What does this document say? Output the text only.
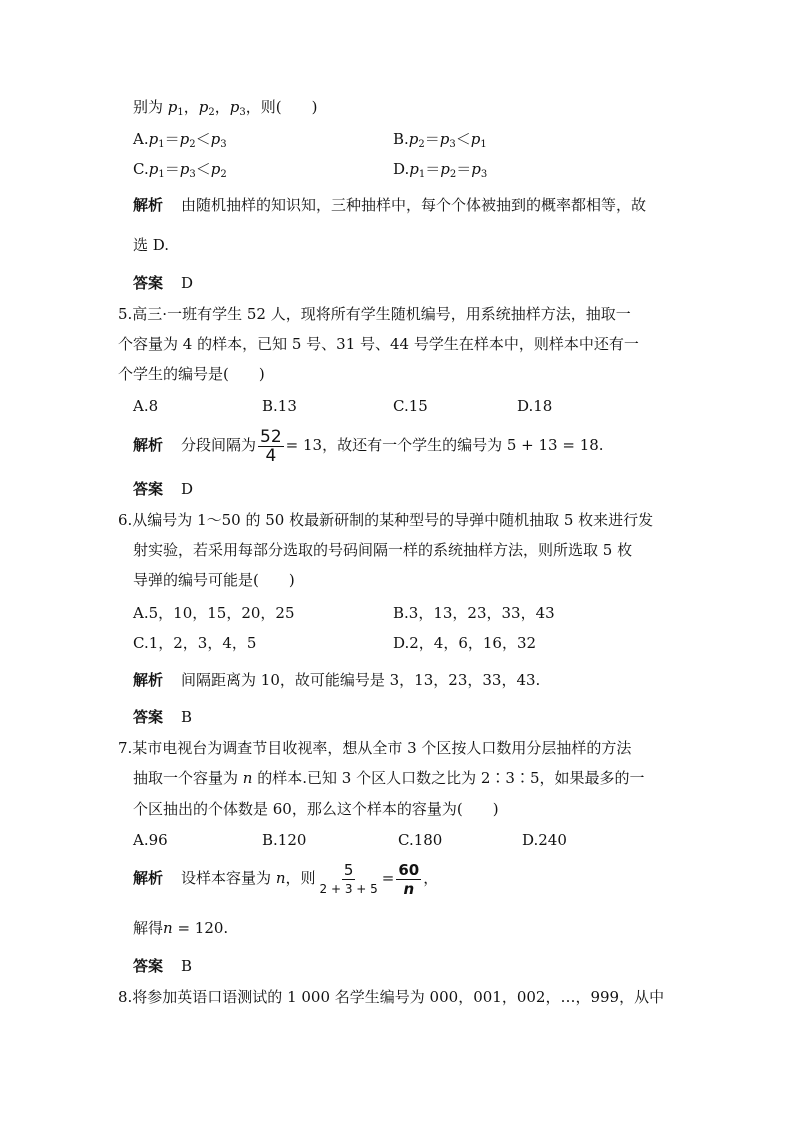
别为 $p_1$，$p_2$，$p_3$，则(　　)
$A.p_1=p_2<p_3$	$B.p_2=p_3<p_1$
$C.p_1=p_3<p_2$	$D.p_1=p_2=p_3$
解析 由随机抽样的知识知，三种抽样中，每个个体被抽到的概率都相等，故
选 D.
答案 D
5.高三·一班有学生 52 人，现将所有学生随机编号，用系统抽样方法，抽取一
个容量为 4 的样本，已知 5 号、31 号、44 号学生在样本中，则样本中还有一
个学生的编号是(　　)
A.8	B.13	C.15	D.18
解析 分段间隔为 $\frac{52}{4} = 13$，故还有一个学生的编号为 5 + 13 = 18.
答案 D
6.从编号为 1～50 的 50 枚最新研制的某种型号的导弹中随机抽取 5 枚来进行发
射实验，若采用每部分选取的号码间隔一样的系统抽样方法，则所选取 5 枚
导弹的编号可能是(　　)
A.5，10，15，20，25	B.3，13，23，33，43
C.1，2，3，4，5	D.2，4，6，16，32
解析 间隔距离为 10，故可能编号是 3，13，23，33，43.
答案 B
7.某市电视台为调查节目收视率，想从全市 3 个区按人口数用分层抽样的方法
抽取一个容量为 n 的样本.已知 3 个区人口数之比为 2∶3∶5，如果最多的一
个区抽出的个体数是 60，那么这个样本的容量为(　　)
A.96	B.120	C.180	D.240
解析 设样本容量为 n，则 $\frac{5}{2 + 3 + 5} = \frac{60}{n}$ ，
解得n = 120.
答案 B
8.将参加英语口语测试的 1 000 名学生编号为 000，001，002，…，999，从中
